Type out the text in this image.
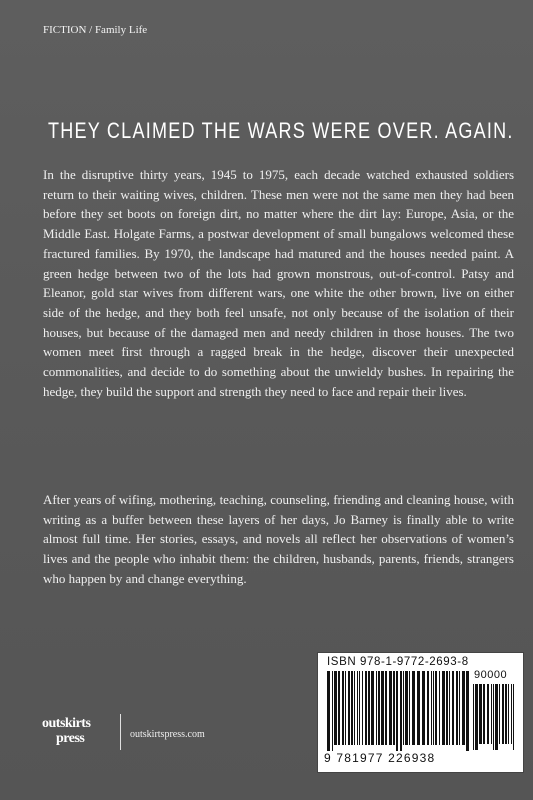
FICTION / Family Life
THEY CLAIMED THE WARS WERE OVER. AGAIN.

In the disruptive thirty years, 1945 to 1975, each decade watched exhausted soldiers return to their waiting wives, children. These men were not the same men they had been before they set boots on foreign dirt, no matter where the dirt lay: Europe, Asia, or the Middle East. Holgate Farms, a postwar development of small bungalows welcomed these fractured families. By 1970, the landscape had matured and the houses needed paint. A green hedge between two of the lots had grown monstrous, out-of-control. Patsy and Eleanor, gold star wives from different wars, one white the other brown, live on either side of the hedge, and they both feel unsafe, not only because of the isolation of their houses, but because of the damaged men and needy children in those houses. The two women meet first through a ragged break in the hedge, discover their unexpected commonalities, and decide to do something about the unwieldy bushes. In repairing the hedge, they build the support and strength they need to face and repair their lives.

After years of wifing, mothering, teaching, counseling, friending and cleaning house, with writing as a buffer between these layers of her days, Jo Barney is finally able to write almost full time. Her stories, essays, and novels all reflect her observations of women’s lives and the people who inhabit them: the children, husbands, parents, friends, strangers who happen by and change everything.

ISBN 978-1-9772-2693-8
90000
9 781977 226938
outskirts
press	outskirtspress.com
